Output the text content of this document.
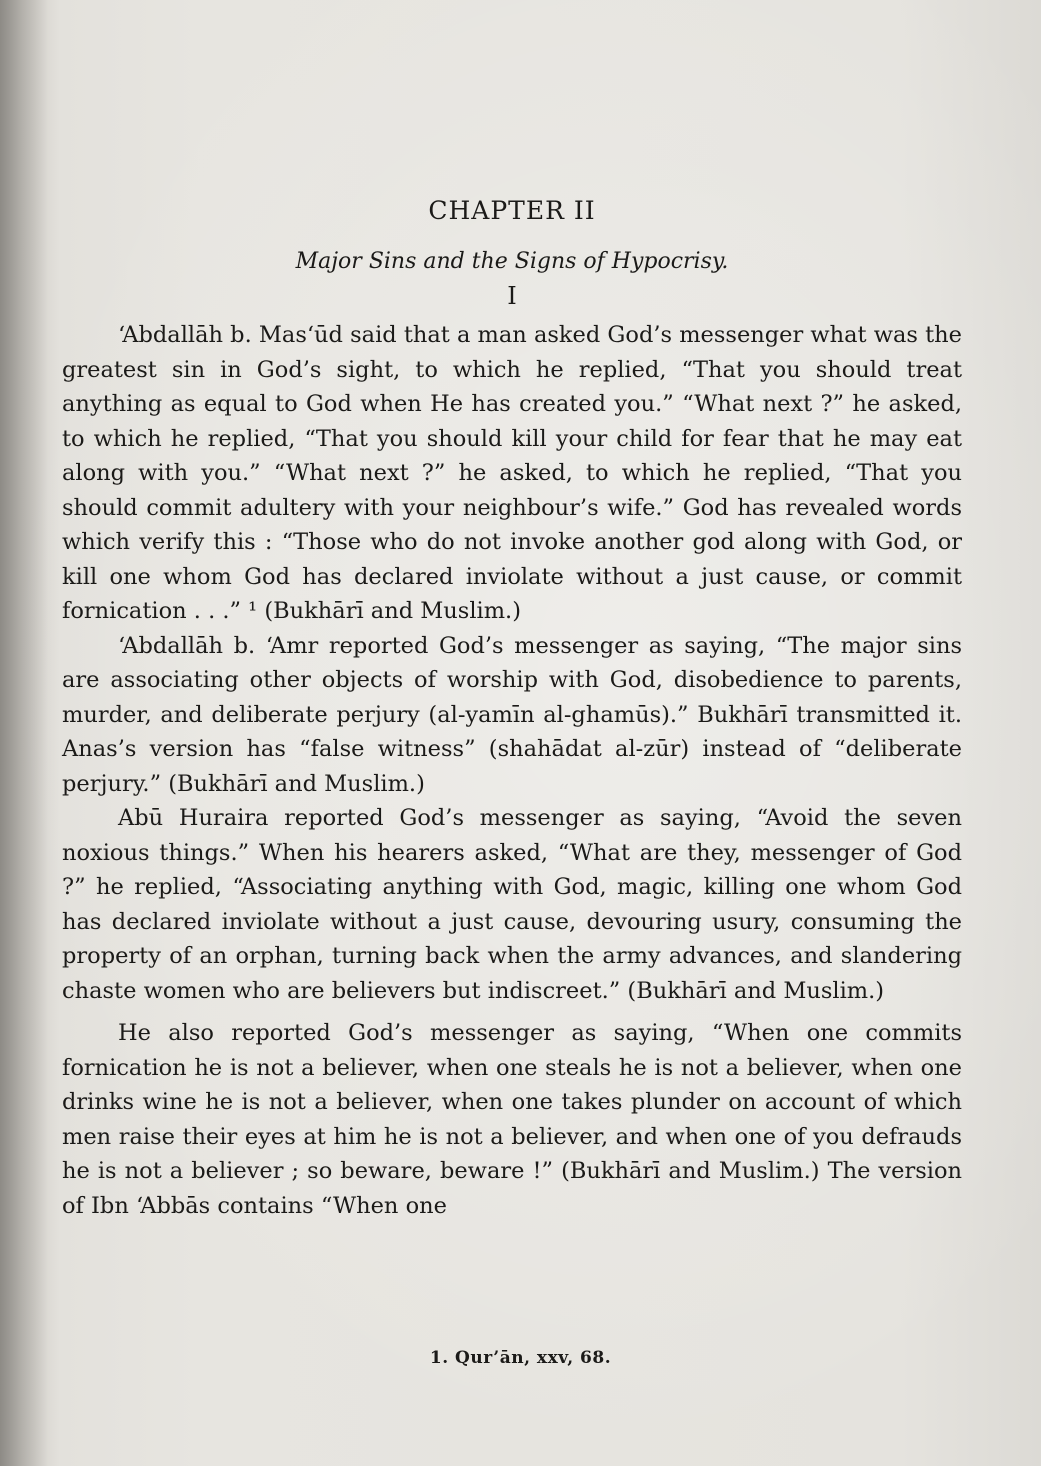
CHAPTER II
Major Sins and the Signs of Hypocrisy.
I

‘Abdallāh b. Mas‘ūd said that a man asked God’s messenger what was the greatest sin in God’s sight, to which he replied, “That you should treat anything as equal to God when He has created you.” “What next ?” he asked, to which he replied, “That you should kill your child for fear that he may eat along with you.” “What next ?” he asked, to which he replied, “That you should commit adultery with your neighbour’s wife.” God has revealed words which verify this : “Those who do not invoke another god along with God, or kill one whom God has declared inviolate without a just cause, or commit fornication . . .” ¹ (Bukhārī and Muslim.)

‘Abdallāh b. ‘Amr reported God’s messenger as saying, “The major sins are associating other objects of worship with God, disobedience to parents, murder, and deliberate perjury (al-yamīn al-ghamūs).” Bukhārī transmitted it. Anas’s version has “false witness” (shahādat al-zūr) instead of “deliberate perjury.” (Bukhārī and Muslim.)

Abū Huraira reported God’s messenger as saying, “Avoid the seven noxious things.” When his hearers asked, “What are they, messenger of God ?” he replied, “Associating anything with God, magic, killing one whom God has declared inviolate without a just cause, devouring usury, consuming the property of an orphan, turning back when the army advances, and slandering chaste women who are believers but indiscreet.” (Bukhārī and Muslim.)

He also reported God’s messenger as saying, “When one commits fornication he is not a believer, when one steals he is not a believer, when one drinks wine he is not a believer, when one takes plunder on account of which men raise their eyes at him he is not a believer, and when one of you defrauds he is not a believer ; so beware, beware !” (Bukhārī and Muslim.) The version of Ibn ‘Abbās contains “When one

1. Qur’ān, xxv, 68.
